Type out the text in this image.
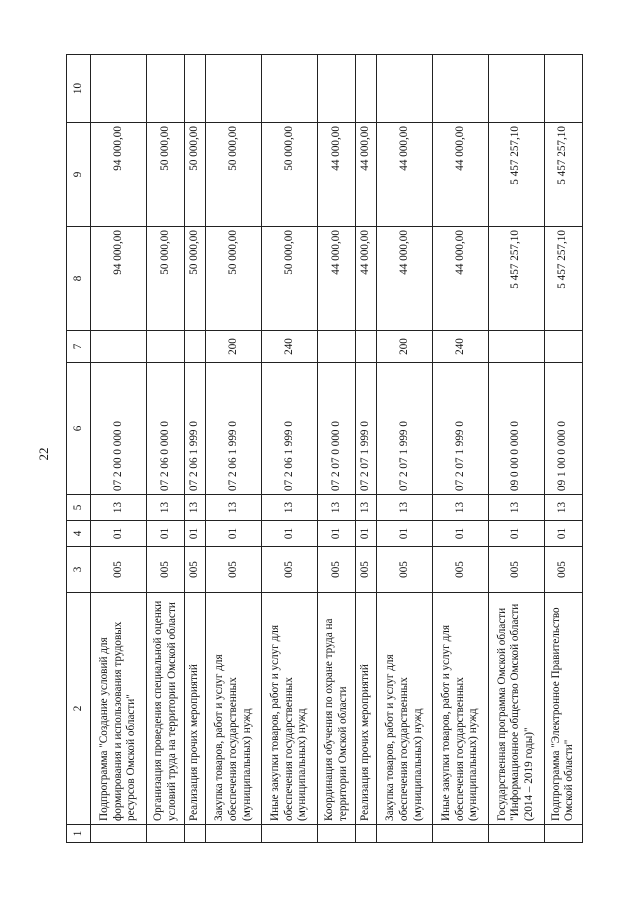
22
1	2	3	4	5	6	7	8	9	10
	Подпрограмма "Создание условий для формирования и использования трудовых ресурсов Омской области"	005	01	13	07 2 00 0 000 0		94 000,00	94 000,00	
	Организация проведения специальной оценки условий труда на территории Омской области	005	01	13	07 2 06 0 000 0		50 000,00	50 000,00	
	Реализация прочих мероприятий	005	01	13	07 2 06 1 999 0		50 000,00	50 000,00	
	Закупка товаров, работ и услуг для обеспечения государственных (муниципальных) нужд	005	01	13	07 2 06 1 999 0	200	50 000,00	50 000,00	
	Иные закупки товаров, работ и услуг для обеспечения государственных (муниципальных) нужд	005	01	13	07 2 06 1 999 0	240	50 000,00	50 000,00	
	Координация обучения по охране труда на территории Омской области	005	01	13	07 2 07 0 000 0		44 000,00	44 000,00	
	Реализация прочих мероприятий	005	01	13	07 2 07 1 999 0		44 000,00	44 000,00	
	Закупка товаров, работ и услуг для обеспечения государственных (муниципальных) нужд	005	01	13	07 2 07 1 999 0	200	44 000,00	44 000,00	
	Иные закупки товаров, работ и услуг для обеспечения государственных (муниципальных) нужд	005	01	13	07 2 07 1 999 0	240	44 000,00	44 000,00	
	Государственная программа Омской области "Информационное общество Омской области (2014 – 2019 годы)"	005	01	13	09 0 00 0 000 0		5 457 257,10	5 457 257,10	
	Подпрограмма "Электронное Правительство Омской области"	005	01	13	09 1 00 0 000 0		5 457 257,10	5 457 257,10	
